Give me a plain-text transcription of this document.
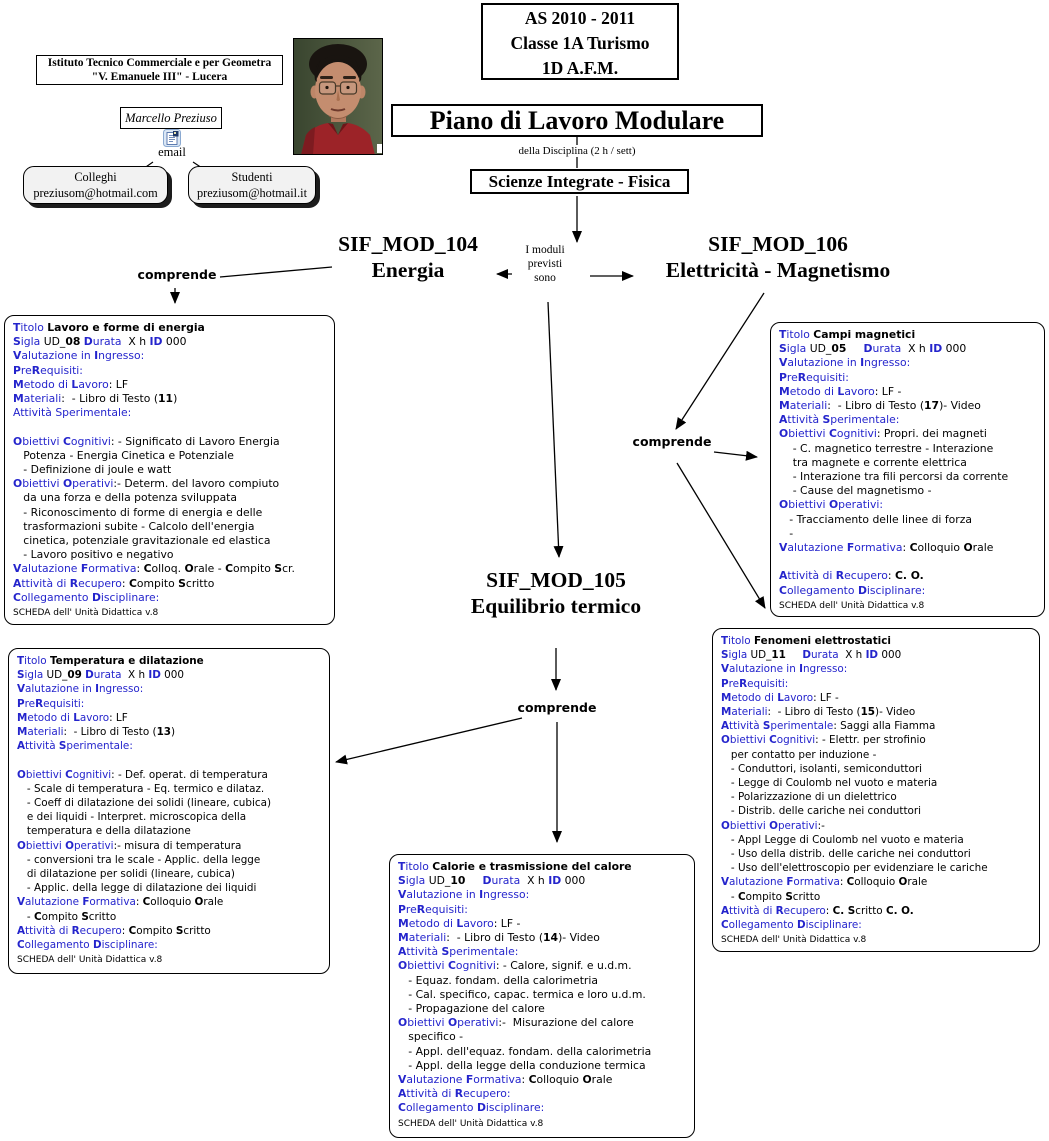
AS 2010 - 2011
Classe 1A Turismo
1D A.F.M.
Istituto Tecnico Commerciale e per Geometra
"V. Emanuele III" - Lucera
Marcello Preziuso
email
Colleghi
preziusom@hotmail.com
Studenti
preziusom@hotmail.it
Piano di Lavoro Modulare
della Disciplina (2 h / sett)
Scienze Integrate - Fisica
SIF_MOD_104
Energia
SIF_MOD_106
Elettricità - Magnetismo
SIF_MOD_105
Equilibrio termico
I moduli
previsti
sono
comprende
comprende
comprende
Titolo Lavoro e forme di energia
Sigla UD_08 Durata  X h ID 000
Valutazione in Ingresso:
PreRequisiti:
Metodo di Lavoro: LF
Materiali:  - Libro di Testo (11)
Attività Sperimentale:

Obiettivi Cognitivi: - Significato di Lavoro Energia
Potenza - Energia Cinetica e Potenziale
- Definizione di joule e watt
Obiettivi Operativi:- Determ. del lavoro compiuto
da una forza e della potenza sviluppata
- Riconoscimento di forme di energia e delle
trasformazioni subite - Calcolo dell'energia
cinetica, potenziale gravitazionale ed elastica
- Lavoro positivo e negativo
Valutazione Formativa: Colloq. Orale - Compito Scr.
Attività di Recupero: Compito Scritto
Collegamento Disciplinare:
SCHEDA dell' Unità Didattica v.8
Titolo Campi magnetici
Sigla UD_05 Durata  X h ID 000
Valutazione in Ingresso:
PreRequisiti:
Metodo di Lavoro: LF -
Materiali:  - Libro di Testo (17)- Video
Attività Sperimentale:
Obiettivi Cognitivi: Propri. dei magneti
- C. magnetico terrestre - Interazione
tra magnete e corrente elettrica
- Interazione tra fili percorsi da corrente
- Cause del magnetismo -
Obiettivi Operativi:
- Tracciamento delle linee di forza
-
Valutazione Formativa: Colloquio Orale

Attività di Recupero: C. O.
Collegamento Disciplinare:
SCHEDA dell' Unità Didattica v.8
Titolo Temperatura e dilatazione
Sigla UD_09 Durata  X h ID 000
Valutazione in Ingresso:
PreRequisiti:
Metodo di Lavoro: LF
Materiali:  - Libro di Testo (13)
Attività Sperimentale:

Obiettivi Cognitivi: - Def. operat. di temperatura
- Scale di temperatura - Eq. termico e dilataz.
- Coeff di dilatazione dei solidi (lineare, cubica)
e dei liquidi - Interpret. microscopica della
temperatura e della dilatazione
Obiettivi Operativi:- misura di temperatura
- conversioni tra le scale - Applic. della legge
di dilatazione per solidi (lineare, cubica)
- Applic. della legge di dilatazione dei liquidi
Valutazione Formativa: Colloquio Orale
- Compito Scritto
Attività di Recupero: Compito Scritto
Collegamento Disciplinare:
SCHEDA dell' Unità Didattica v.8
Titolo Fenomeni elettrostatici
Sigla UD_11 Durata  X h ID 000
Valutazione in Ingresso:
PreRequisiti:
Metodo di Lavoro: LF -
Materiali:  - Libro di Testo (15)- Video
Attività Sperimentale: Saggi alla Fiamma
Obiettivi Cognitivi: - Elettr. per strofinio
per contatto per induzione -
- Conduttori, isolanti, semiconduttori
- Legge di Coulomb nel vuoto e materia
- Polarizzazione di un dielettrico
- Distrib. delle cariche nei conduttori
Obiettivi Operativi:-
- Appl Legge di Coulomb nel vuoto e materia
- Uso della distrib. delle cariche nei conduttori
- Uso dell'elettroscopio per evidenziare le cariche
Valutazione Formativa: Colloquio Orale
- Compito Scritto
Attività di Recupero: C. Scritto C. O.
Collegamento Disciplinare:
SCHEDA dell' Unità Didattica v.8
Titolo Calorie e trasmissione del calore
Sigla UD_10 Durata  X h ID 000
Valutazione in Ingresso:
PreRequisiti:
Metodo di Lavoro: LF -
Materiali:  - Libro di Testo (14)- Video
Attività Sperimentale:
Obiettivi Cognitivi: - Calore, signif. e u.d.m.
- Equaz. fondam. della calorimetria
- Cal. specifico, capac. termica e loro u.d.m.
- Propagazione del calore
Obiettivi Operativi:-  Misurazione del calore
specifico -
- Appl. dell'equaz. fondam. della calorimetria
- Appl. della legge della conduzione termica
Valutazione Formativa: Colloquio Orale
Attività di Recupero:
Collegamento Disciplinare:
SCHEDA dell' Unità Didattica v.8
